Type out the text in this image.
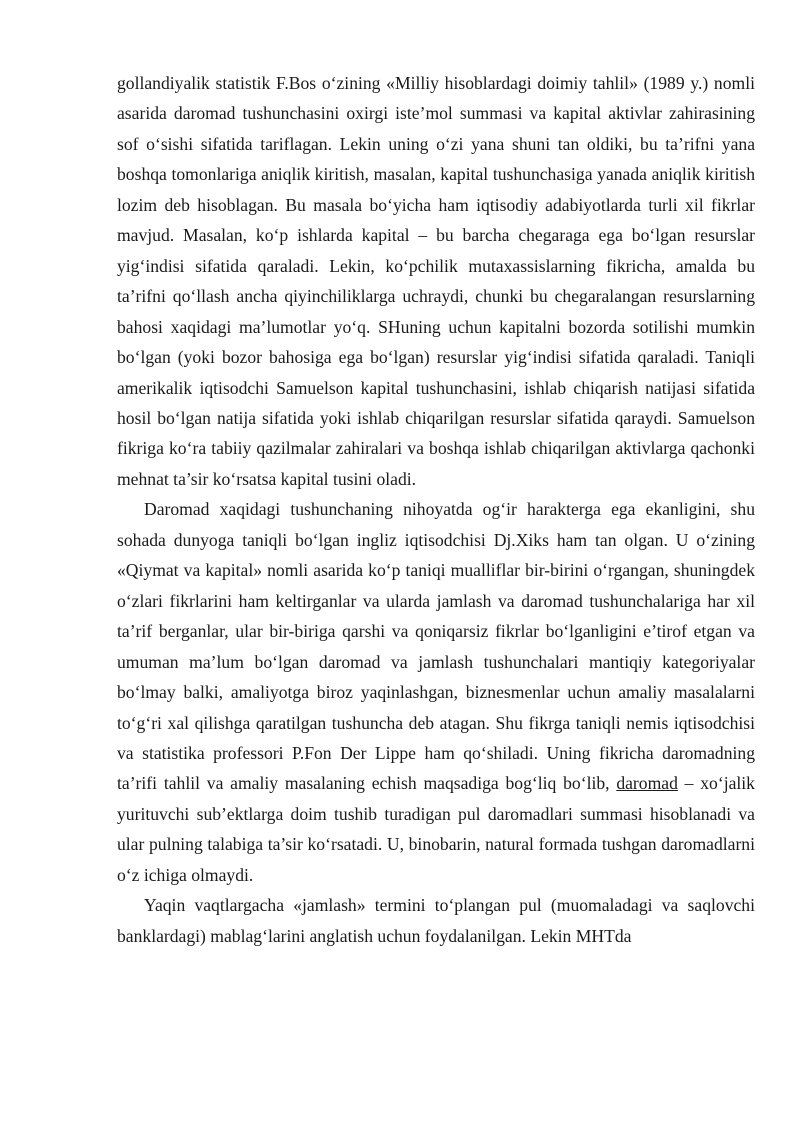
gollandiyalik statistik F.Bos o‘zining «Milliy hisoblardagi doimiy tahlil» (1989 y.) nomli asarida daromad tushunchasini oxirgi iste’mol summasi va kapital aktivlar zahirasining sof o‘sishi sifatida tariflagan. Lekin uning o‘zi yana shuni tan oldiki, bu ta’rifni yana boshqa tomonlariga aniqlik kiritish, masalan, kapital tushunchasiga yanada aniqlik kiritish lozim deb hisoblagan. Bu masala bo‘yicha ham iqtisodiy adabiyotlarda turli xil fikrlar mavjud. Masalan, ko‘p ishlarda kapital – bu barcha chegaraga ega bo‘lgan resurslar yig‘indisi sifatida qaraladi. Lekin, ko‘pchilik mutaxassislarning fikricha, amalda bu ta’rifni qo‘llash ancha qiyinchiliklarga uchraydi, chunki bu chegaralangan resurslarning bahosi xaqidagi ma’lumotlar yo‘q. SHuning uchun kapitalni bozorda sotilishi mumkin bo‘lgan (yoki bozor bahosiga ega bo‘lgan) resurslar yig‘indisi sifatida qaraladi. Taniqli amerikalik iqtisodchi Samuelson kapital tushunchasini, ishlab chiqarish natijasi sifatida hosil bo‘lgan natija sifatida yoki ishlab chiqarilgan resurslar sifatida qaraydi. Samuelson fikriga ko‘ra tabiiy qazilmalar zahiralari va boshqa ishlab chiqarilgan aktivlarga qachonki mehnat ta’sir ko‘rsatsa kapital tusini oladi.

Daromad xaqidagi tushunchaning nihoyatda og‘ir harakterga ega ekanligini, shu sohada dunyoga taniqli bo‘lgan ingliz iqtisodchisi Dj.Xiks ham tan olgan. U o‘zining «Qiymat va kapital» nomli asarida ko‘p taniqi mualliflar bir-birini o‘rgangan, shuningdek o‘zlari fikrlarini ham keltirganlar va ularda jamlash va daromad tushunchalariga har xil ta’rif berganlar, ular bir-biriga qarshi va qoniqarsiz fikrlar bo‘lganligini e’tirof etgan va umuman ma’lum bo‘lgan daromad va jamlash tushunchalari mantiqiy kategoriyalar bo‘lmay balki, amaliyotga biroz yaqinlashgan, biznesmenlar uchun amaliy masalalarni to‘g‘ri xal qilishga qaratilgan tushuncha deb atagan. Shu fikrga taniqli nemis iqtisodchisi va statistika professori P.Fon Der Lippe ham qo‘shiladi. Uning fikricha daromadning ta’rifi tahlil va amaliy masalaning echish maqsadiga bog‘liq bo‘lib, daromad – xo‘jalik yurituvchi sub’ektlarga doim tushib turadigan pul daromadlari summasi hisoblanadi va ular pulning talabiga ta’sir ko‘rsatadi. U, binobarin, natural formada tushgan daromadlarni o‘z ichiga olmaydi.

Yaqin vaqtlargacha «jamlash» termini to‘plangan pul (muomaladagi va saqlovchi banklardagi) mablag‘larini anglatish uchun foydalanilgan. Lekin MHTda
